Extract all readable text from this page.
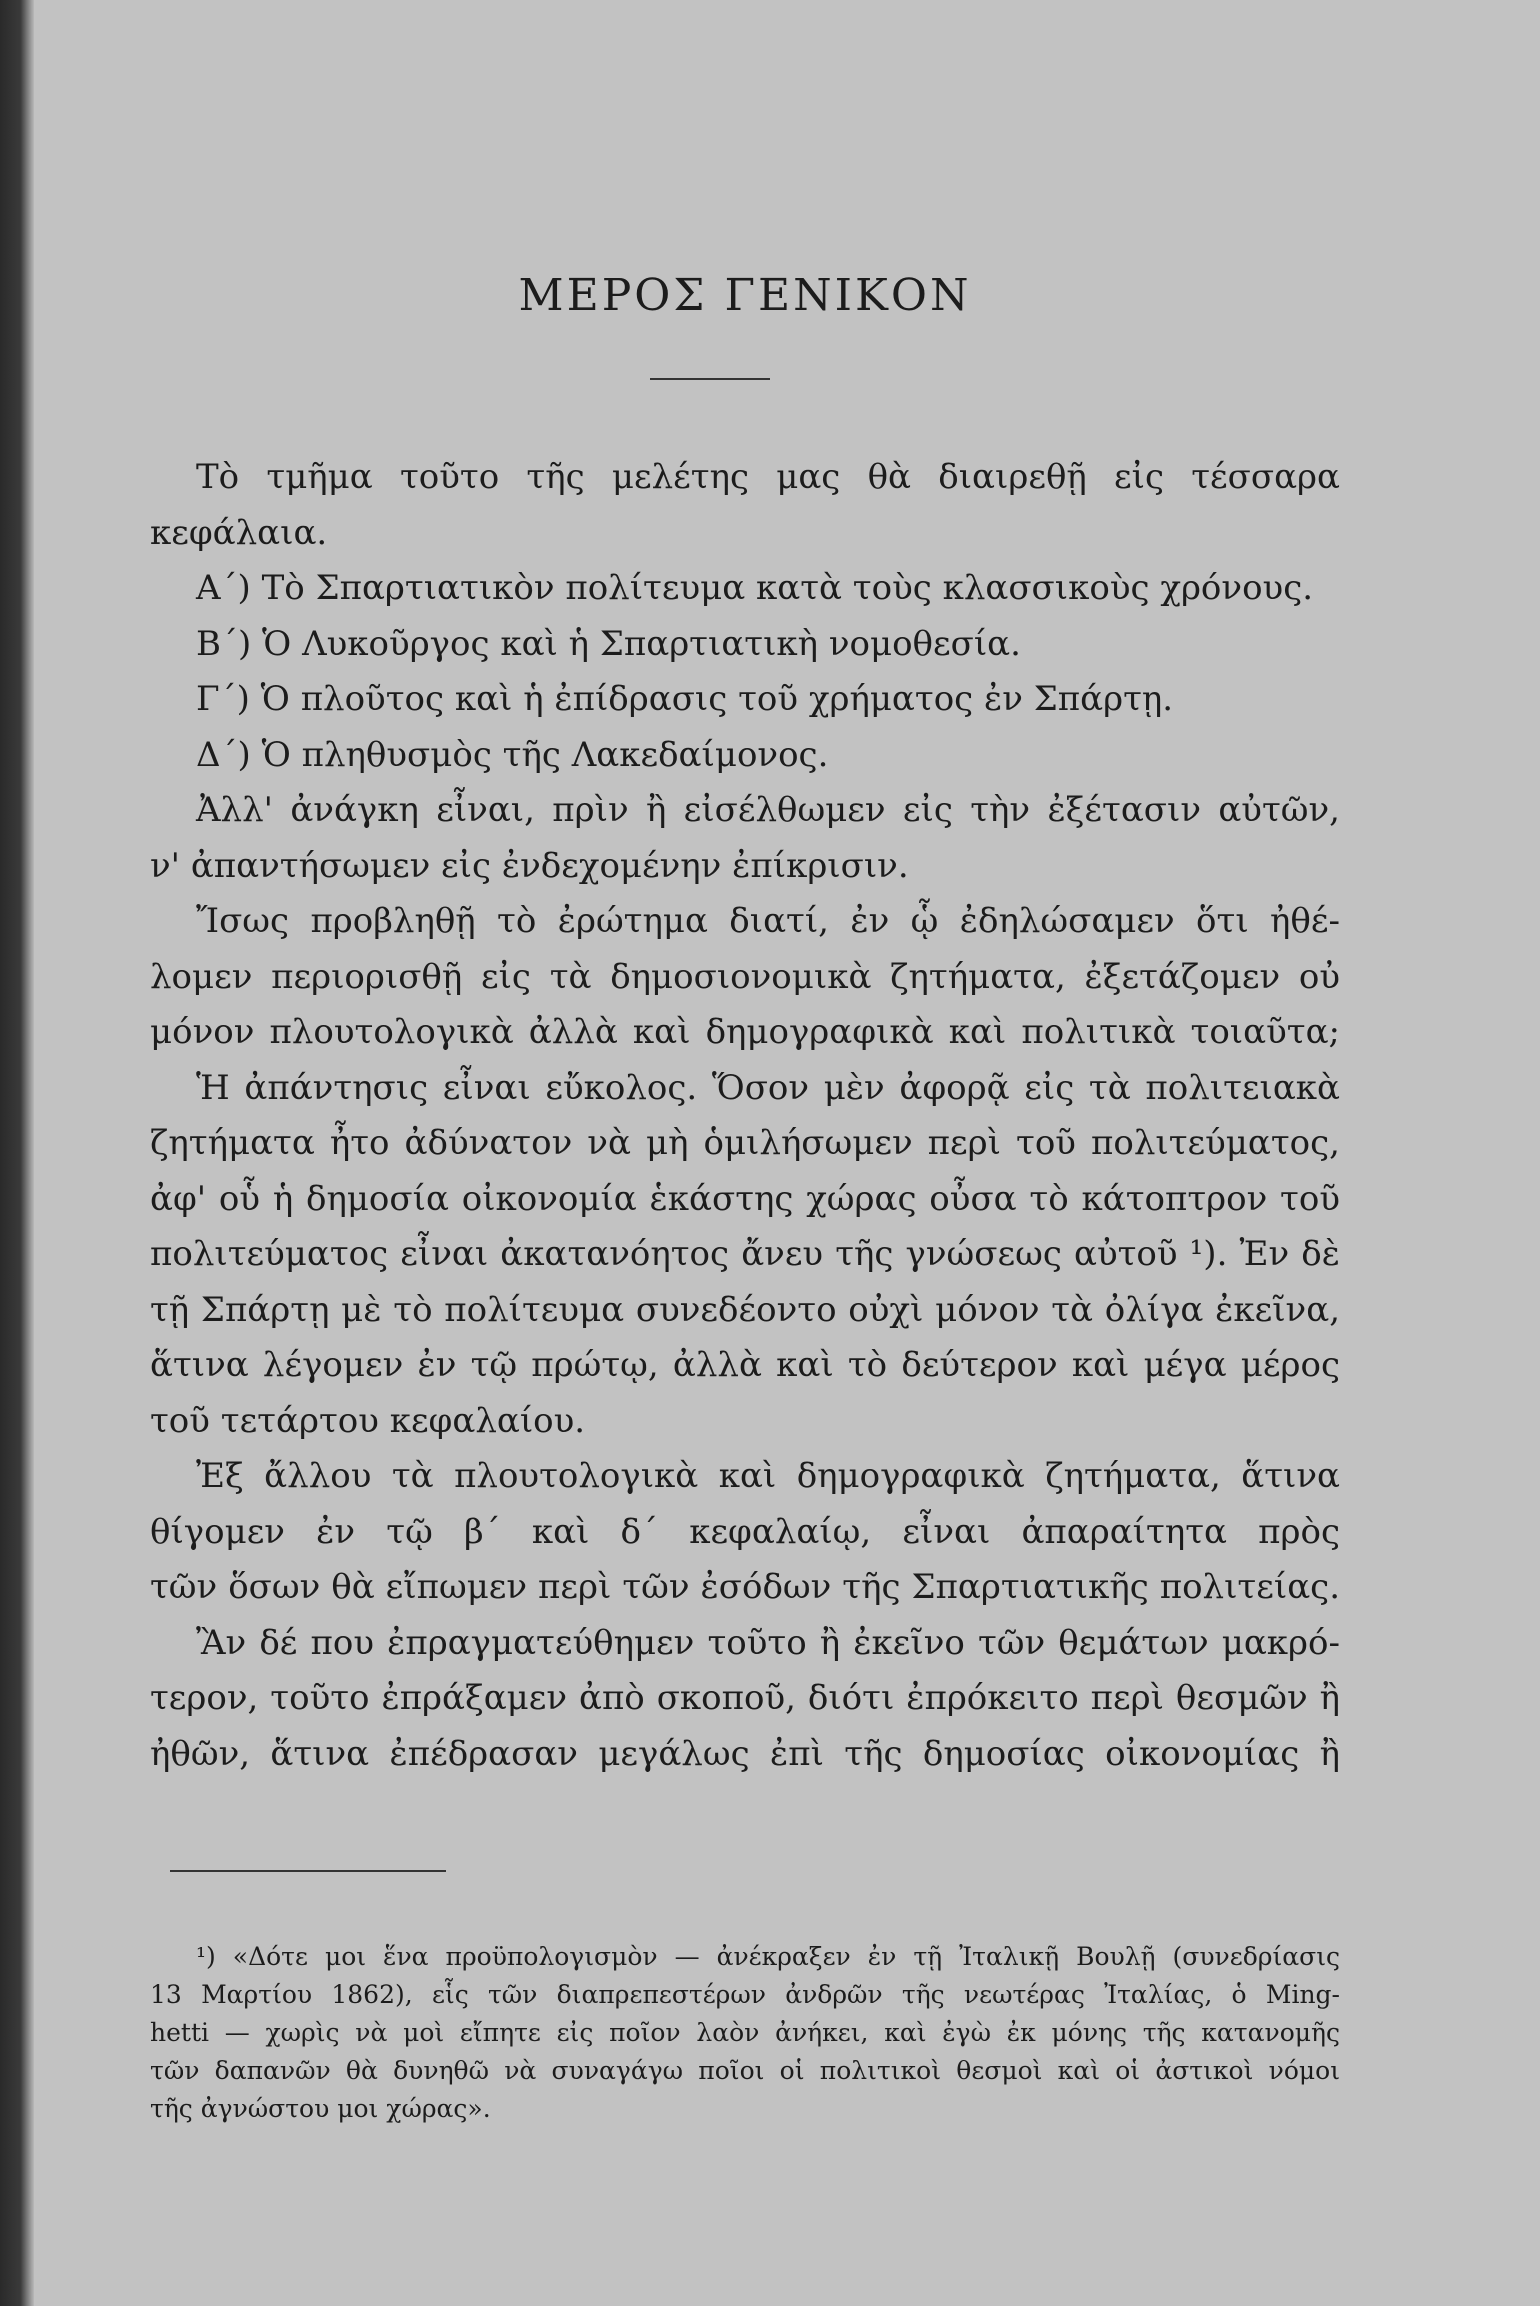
ΜΕΡΟΣ ΓΕΝΙΚΟΝ

Τὸ τμῆμα τοῦτο τῆς μελέτης μας θὰ διαιρεθῇ εἰς τέσσαρα

κεφάλαια.

Α΄) Τὸ Σπαρτιατικὸν πολίτευμα κατὰ τοὺς κλασσικοὺς χρόνους.

Β΄) Ὁ Λυκοῦργος καὶ ἡ Σπαρτιατικὴ νομοθεσία.

Γ΄) Ὁ πλοῦτος καὶ ἡ ἐπίδρασις τοῦ χρήματος ἐν Σπάρτῃ.

Δ΄) Ὁ πληθυσμὸς τῆς Λακεδαίμονος.

Ἀλλ' ἀνάγκη εἶναι, πρὶν ἢ εἰσέλθωμεν εἰς τὴν ἐξέτασιν αὐτῶν,

ν' ἀπαντήσωμεν εἰς ἐνδεχομένην ἐπίκρισιν.

Ἴσως προβληθῇ τὸ ἐρώτημα διατί, ἐν ᾧ ἐδηλώσαμεν ὅτι ἠθέ-

λομεν περιορισθῇ εἰς τὰ δημοσιονομικὰ ζητήματα, ἐξετάζομεν οὐ

μόνον πλουτολογικὰ ἀλλὰ καὶ δημογραφικὰ καὶ πολιτικὰ τοιαῦτα;

Ἡ ἀπάντησις εἶναι εὔκολος. Ὅσον μὲν ἀφορᾷ εἰς τὰ πολιτειακὰ

ζητήματα ἦτο ἀδύνατον νὰ μὴ ὁμιλήσωμεν περὶ τοῦ πολιτεύματος,

ἀφ' οὗ ἡ δημοσία οἰκονομία ἑκάστης χώρας οὖσα τὸ κάτοπτρον τοῦ

πολιτεύματος εἶναι ἀκατανόητος ἄνευ τῆς γνώσεως αὐτοῦ ¹). Ἐν δὲ

τῇ Σπάρτῃ μὲ τὸ πολίτευμα συνεδέοντο οὐχὶ μόνον τὰ ὀλίγα ἐκεῖνα,

ἅτινα λέγομεν ἐν τῷ πρώτῳ, ἀλλὰ καὶ τὸ δεύτερον καὶ μέγα μέρος

τοῦ τετάρτου κεφαλαίου.

Ἐξ ἄλλου τὰ πλουτολογικὰ καὶ δημογραφικὰ ζητήματα, ἅτινα

θίγομεν ἐν τῷ β΄ καὶ δ΄ κεφαλαίῳ, εἶναι ἀπαραίτητα πρὸς

τῶν ὅσων θὰ εἴπωμεν περὶ τῶν ἐσόδων τῆς Σπαρτιατικῆς πολιτείας.

Ἂν δέ που ἐπραγματεύθημεν τοῦτο ἢ ἐκεῖνο τῶν θεμάτων μακρό-

τερον, τοῦτο ἐπράξαμεν ἀπὸ σκοποῦ, διότι ἐπρόκειτο περὶ θεσμῶν ἢ

ἠθῶν, ἅτινα ἐπέδρασαν μεγάλως ἐπὶ τῆς δημοσίας οἰκονομίας ἢ

¹) «Δότε μοι ἕνα προϋπολογισμὸν — ἀνέκραξεν ἐν τῇ Ἰταλικῇ Βουλῇ (συνεδρίασις

13 Μαρτίου 1862), εἷς τῶν διαπρεπεστέρων ἀνδρῶν τῆς νεωτέρας Ἰταλίας, ὁ Ming-

hetti — χωρὶς νὰ μοὶ εἴπητε εἰς ποῖον λαὸν ἀνήκει, καὶ ἐγὼ ἐκ μόνης τῆς κατανομῆς

τῶν δαπανῶν θὰ δυνηθῶ νὰ συναγάγω ποῖοι οἱ πολιτικοὶ θεσμοὶ καὶ οἱ ἀστικοὶ νόμοι

τῆς ἀγνώστου μοι χώρας».
